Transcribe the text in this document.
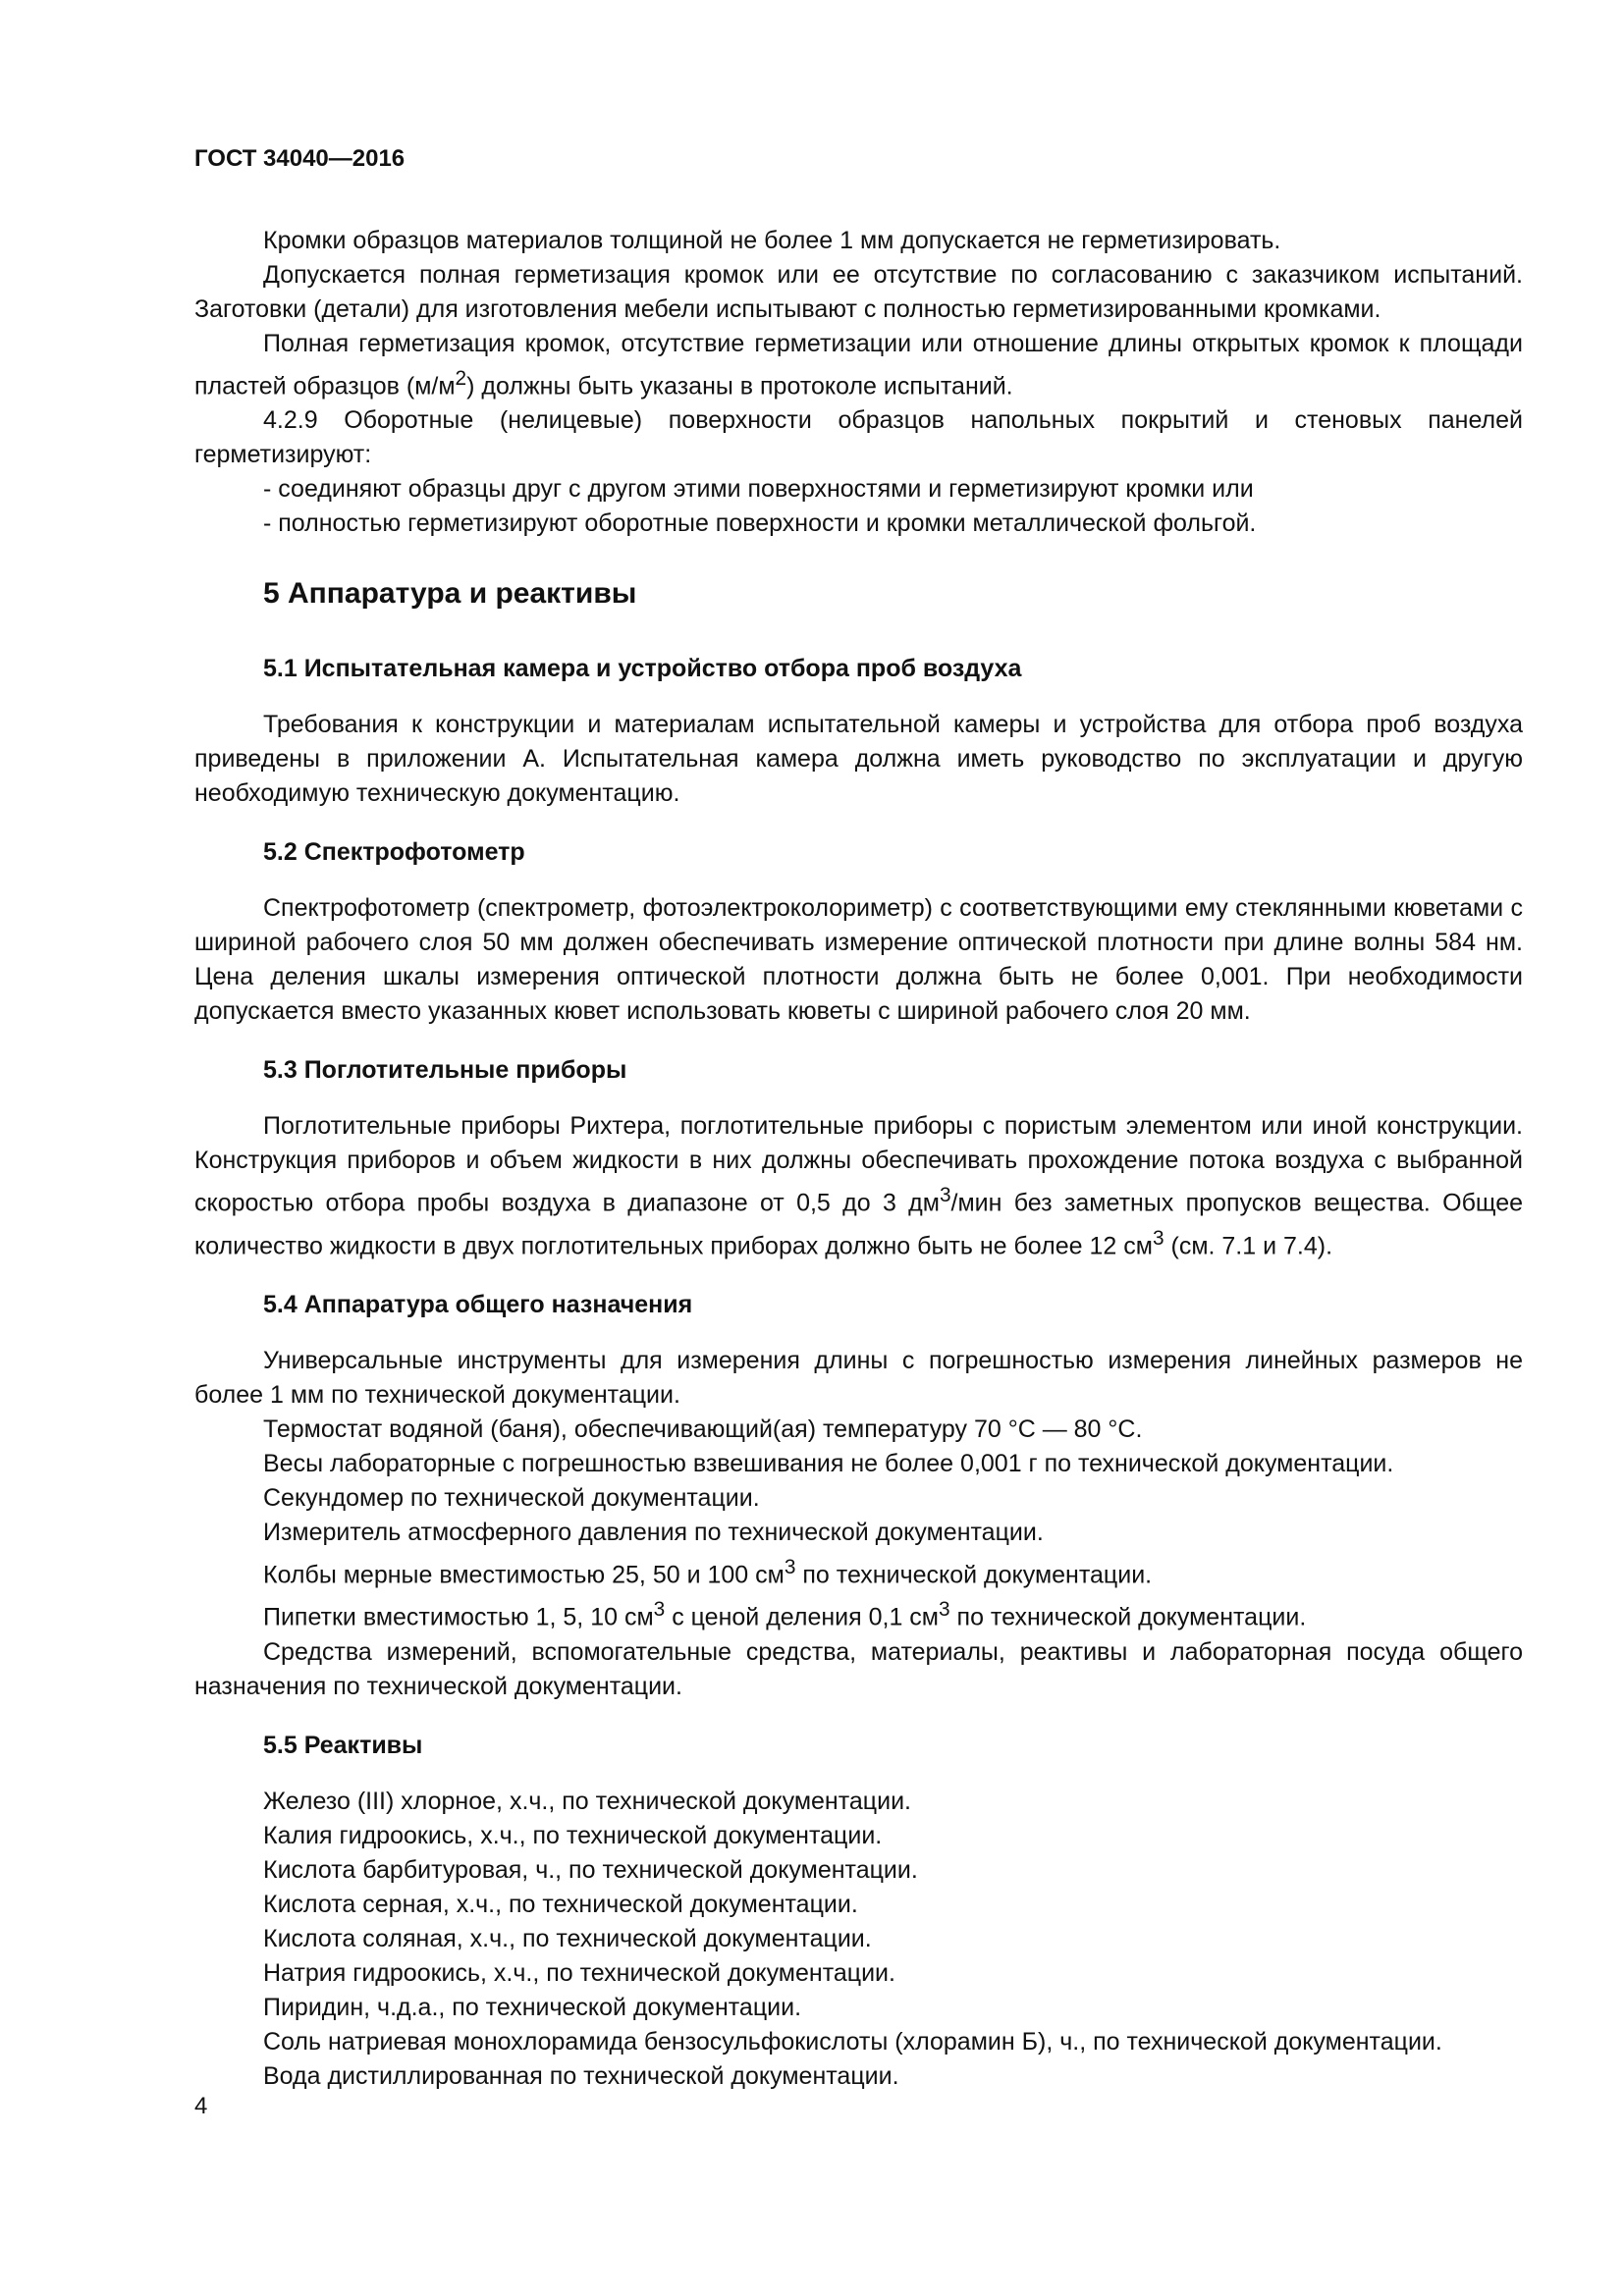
ГОСТ 34040—2016

Кромки образцов материалов толщиной не более 1 мм допускается не герметизировать.

Допускается полная герметизация кромок или ее отсутствие по согласованию с заказчиком испытаний. Заготовки (детали) для изготовления мебели испытывают с полностью герметизированными кромками.

Полная герметизация кромок, отсутствие герметизации или отношение длины открытых кромок к площади пластей образцов $(м/м^2)$ должны быть указаны в протоколе испытаний.

4.2.9 Оборотные (нелицевые) поверхности образцов напольных покрытий и стеновых панелей герметизируют:

- соединяют образцы друг с другом этими поверхностями и герметизируют кромки или
- полностью герметизируют оборотные поверхности и кромки металлической фольгой.
5 Аппаратура и реактивы
5.1 Испытательная камера и устройство отбора проб воздуха

Требования к конструкции и материалам испытательной камеры и устройства для отбора проб воздуха приведены в приложении А. Испытательная камера должна иметь руководство по эксплуатации и другую необходимую техническую документацию.

5.2 Спектрофотометр

Спектрофотометр (спектрометр, фотоэлектроколориметр) с соответствующими ему стеклянными кюветами с шириной рабочего слоя 50 мм должен обеспечивать измерение оптической плотности при длине волны 584 нм. Цена деления шкалы измерения оптической плотности должна быть не более 0,001. При необходимости допускается вместо указанных кювет использовать кюветы с шириной рабочего слоя 20 мм.

5.3 Поглотительные приборы

Поглотительные приборы Рихтера, поглотительные приборы с пористым элементом или иной конструкции. Конструкция приборов и объем жидкости в них должны обеспечивать прохождение потока воздуха с выбранной скоростью отбора пробы воздуха в диапазоне от 0,5 до 3 $дм^3$/мин без заметных пропусков вещества. Общее количество жидкости в двух поглотительных приборах должно быть не более 12 $см^3$ (см. 7.1 и 7.4).

5.4 Аппаратура общего назначения

Универсальные инструменты для измерения длины с погрешностью измерения линейных размеров не более 1 мм по технической документации.

Термостат водяной (баня), обеспечивающий(ая) температуру 70 °С — 80 °С.

Весы лабораторные с погрешностью взвешивания не более 0,001 г по технической документации.

Секундомер по технической документации.

Измеритель атмосферного давления по технической документации.

Колбы мерные вместимостью 25, 50 и 100 $см^3$ по технической документации.

Пипетки вместимостью 1, 5, 10 $см^3$ с ценой деления 0,1 $см^3$ по технической документации.

Средства измерений, вспомогательные средства, материалы, реактивы и лабораторная посуда общего назначения по технической документации.

5.5 Реактивы

Железо (III) хлорное, х.ч., по технической документации.

Калия гидроокись, х.ч., по технической документации.

Кислота барбитуровая, ч., по технической документации.

Кислота серная, х.ч., по технической документации.

Кислота соляная, х.ч., по технической документации.

Натрия гидроокись, х.ч., по технической документации.

Пиридин, ч.д.а., по технической документации.

Соль натриевая монохлорамида бензосульфокислоты (хлорамин Б), ч., по технической документации.

Вода дистиллированная по технической документации.

4
